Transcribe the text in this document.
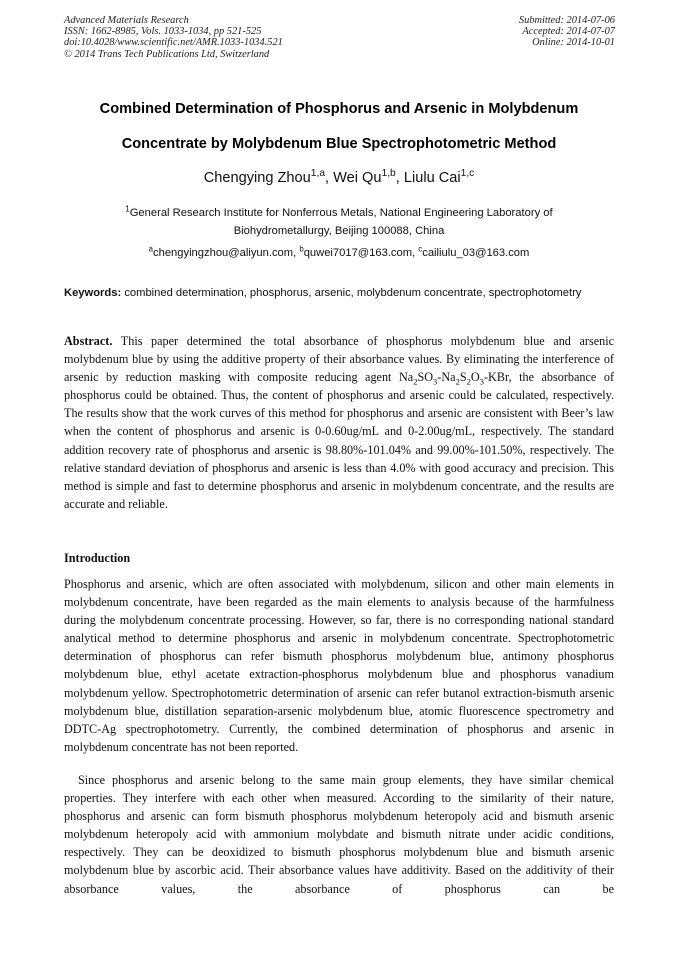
Advanced Materials Research
ISSN: 1662-8985, Vols. 1033-1034, pp 521-525
doi:10.4028/www.scientific.net/AMR.1033-1034.521
© 2014 Trans Tech Publications Ltd, Switzerland
Submitted: 2014-07-06
Accepted: 2014-07-07
Online: 2014-10-01
Combined Determination of Phosphorus and Arsenic in Molybdenum
Concentrate by Molybdenum Blue Spectrophotometric Method
Chengying Zhou$^{1,a}$, Wei Qu$^{1,b}$, Liulu Cai$^{1,c}$
$^1$General Research Institute for Nonferrous Metals, National Engineering Laboratory of
Biohydrometallurgy, Beijing 100088, China
$^a$chengyingzhou@aliyun.com, $^b$quwei7017@163.com, $^c$cailiulu_03@163.com
Keywords: combined determination, phosphorus, arsenic, molybdenum concentrate, spectrophotometry
Abstract. This paper determined the total absorbance of phosphorus molybdenum blue and arsenic molybdenum blue by using the additive property of their absorbance values. By eliminating the interference of arsenic by reduction masking with composite reducing agent $Na_2SO_3-Na_2S_2O_3$-KBr, the absorbance of phosphorus could be obtained. Thus, the content of phosphorus and arsenic could be calculated, respectively. The results show that the work curves of this method for phosphorus and arsenic are consistent with Beer’s law when the content of phosphorus and arsenic is 0-0.60ug/mL and 0-2.00ug/mL, respectively. The standard addition recovery rate of phosphorus and arsenic is 98.80%-101.04% and 99.00%-101.50%, respectively. The relative standard deviation of phosphorus and arsenic is less than 4.0% with good accuracy and precision. This method is simple and fast to determine phosphorus and arsenic in molybdenum concentrate, and the results are accurate and reliable.
Introduction
Phosphorus and arsenic, which are often associated with molybdenum, silicon and other main elements in molybdenum concentrate, have been regarded as the main elements to analysis because of the harmfulness during the molybdenum concentrate processing. However, so far, there is no corresponding national standard analytical method to determine phosphorus and arsenic in molybdenum concentrate. Spectrophotometric determination of phosphorus can refer bismuth phosphorus molybdenum blue, antimony phosphorus molybdenum blue, ethyl acetate extraction-phosphorus molybdenum blue and phosphorus vanadium molybdenum yellow. Spectrophotometric determination of arsenic can refer butanol extraction-bismuth arsenic molybdenum blue, distillation separation-arsenic molybdenum blue, atomic fluorescence spectrometry and DDTC-Ag spectrophotometry. Currently, the combined determination of phosphorus and arsenic in molybdenum concentrate has not been reported.
Since phosphorus and arsenic belong to the same main group elements, they have similar chemical properties. They interfere with each other when measured. According to the similarity of their nature, phosphorus and arsenic can form bismuth phosphorus molybdenum heteropoly acid and bismuth arsenic molybdenum heteropoly acid with ammonium molybdate and bismuth nitrate under acidic conditions, respectively. They can be deoxidized to bismuth phosphorus molybdenum blue and bismuth arsenic molybdenum blue by ascorbic acid. Their absorbance values have additivity. Based on the additivity of their absorbance values, the absorbance of phosphorus can be
